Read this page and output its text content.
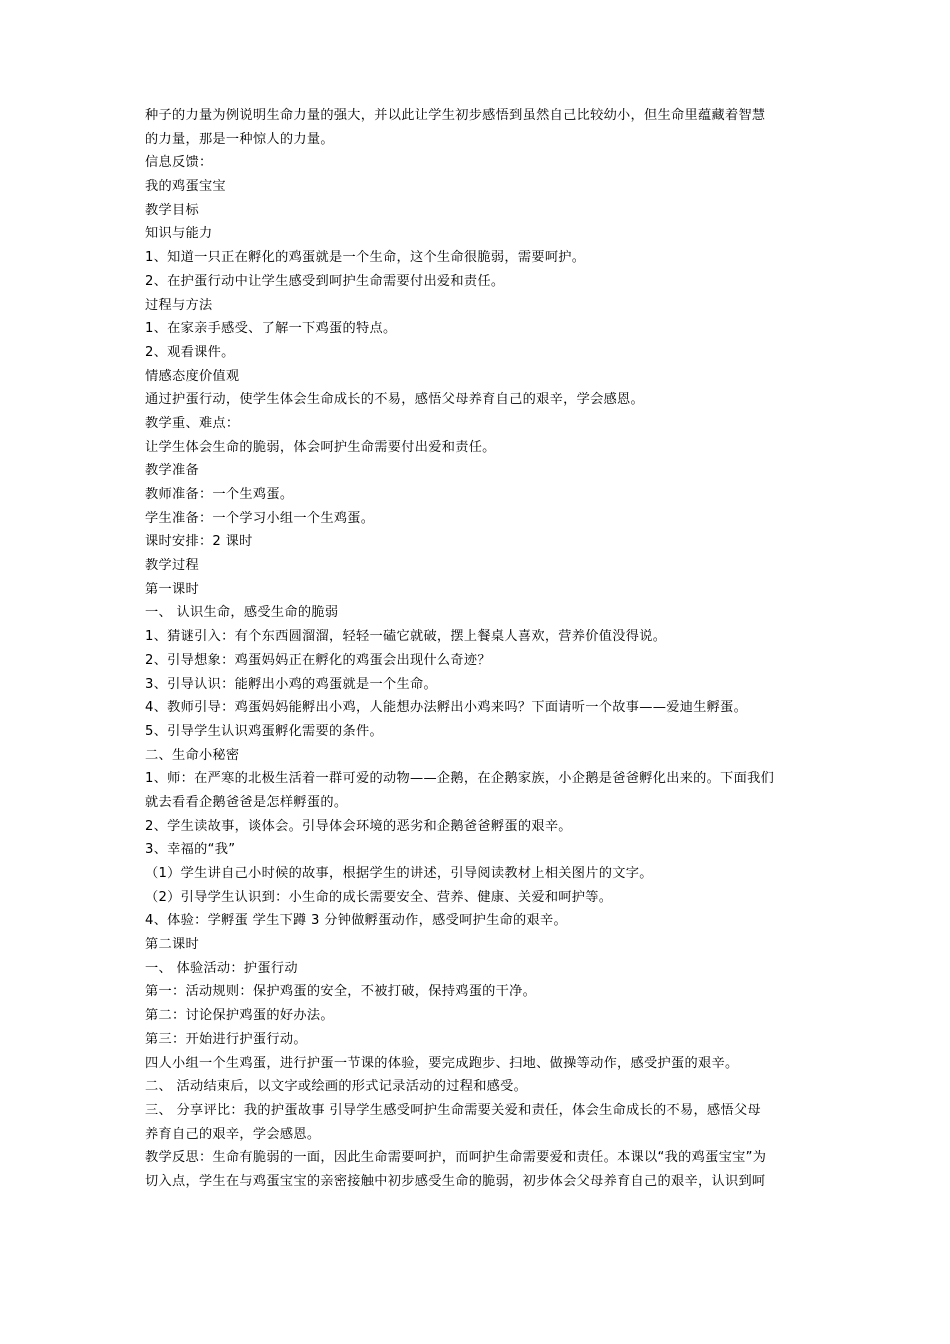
种子的力量为例说明生命力量的强大，并以此让学生初步感悟到虽然自己比较幼小，但生命里蕴藏着智慧
的力量，那是一种惊人的力量。
信息反馈：
我的鸡蛋宝宝
教学目标
知识与能力
1、知道一只正在孵化的鸡蛋就是一个生命，这个生命很脆弱，需要呵护。
2、在护蛋行动中让学生感受到呵护生命需要付出爱和责任。
过程与方法
1、在家亲手感受、了解一下鸡蛋的特点。
2、观看课件。
情感态度价值观
通过护蛋行动，使学生体会生命成长的不易，感悟父母养育自己的艰辛，学会感恩。
教学重、难点：
让学生体会生命的脆弱，体会呵护生命需要付出爱和责任。
教学准备
教师准备：一个生鸡蛋。
学生准备：一个学习小组一个生鸡蛋。
课时安排：2 课时
教学过程
第一课时
一、 认识生命，感受生命的脆弱
1、猜谜引入：有个东西圆溜溜，轻轻一磕它就破，摆上餐桌人喜欢，营养价值没得说。
2、引导想象：鸡蛋妈妈正在孵化的鸡蛋会出现什么奇迹？
3、引导认识：能孵出小鸡的鸡蛋就是一个生命。
4、教师引导：鸡蛋妈妈能孵出小鸡，人能想办法孵出小鸡来吗？下面请听一个故事——爱迪生孵蛋。
5、引导学生认识鸡蛋孵化需要的条件。
二、生命小秘密
1、师：在严寒的北极生活着一群可爱的动物——企鹅，在企鹅家族，小企鹅是爸爸孵化出来的。下面我们
就去看看企鹅爸爸是怎样孵蛋的。
2、学生读故事，谈体会。引导体会环境的恶劣和企鹅爸爸孵蛋的艰辛。
3、幸福的“我”
（1）学生讲自己小时候的故事，根据学生的讲述，引导阅读教材上相关图片的文字。
（2）引导学生认识到：小生命的成长需要安全、营养、健康、关爱和呵护等。
4、体验：学孵蛋 学生下蹲 3 分钟做孵蛋动作，感受呵护生命的艰辛。
第二课时
一、 体验活动：护蛋行动
第一：活动规则：保护鸡蛋的安全，不被打破，保持鸡蛋的干净。
第二：讨论保护鸡蛋的好办法。
第三：开始进行护蛋行动。
四人小组一个生鸡蛋，进行护蛋一节课的体验，要完成跑步、扫地、做操等动作，感受护蛋的艰辛。
二、 活动结束后，以文字或绘画的形式记录活动的过程和感受。
三、 分享评比：我的护蛋故事 引导学生感受呵护生命需要关爱和责任，体会生命成长的不易，感悟父母
养育自己的艰辛，学会感恩。
教学反思：生命有脆弱的一面，因此生命需要呵护，而呵护生命需要爱和责任。本课以“我的鸡蛋宝宝”为
切入点，学生在与鸡蛋宝宝的亲密接触中初步感受生命的脆弱，初步体会父母养育自己的艰辛，认识到呵
